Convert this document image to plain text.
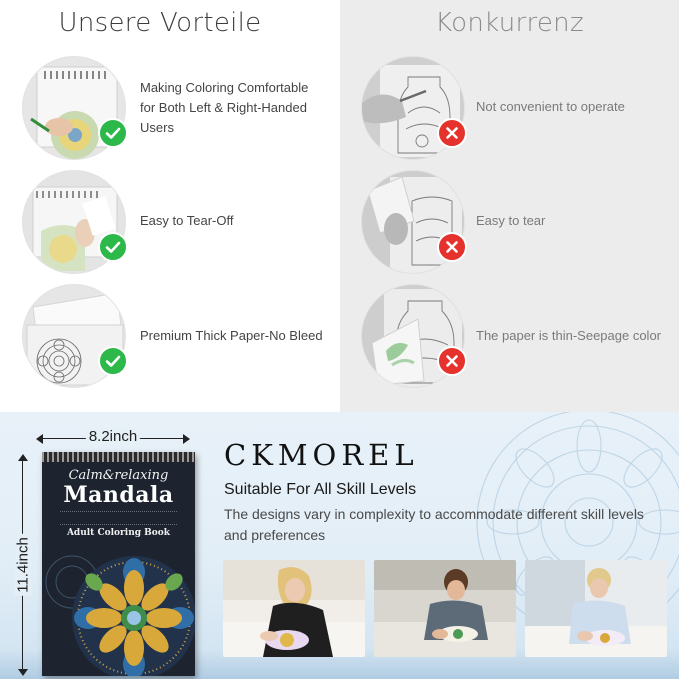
Unsere Vorteile
Making Coloring Comfortable for Both Left & Right-Handed Users
Easy to Tear-Off
Premium Thick Paper-No Bleed
Konkurrenz
Not convenient to operate
Easy to tear
The paper is thin-Seepage color
8.2inch
11.4inch
Calm&relaxing
Mandala
Adult Coloring Book
CKMOREL
Suitable For All Skill Levels
The designs vary in complexity to accommodate different skill levels and preferences
